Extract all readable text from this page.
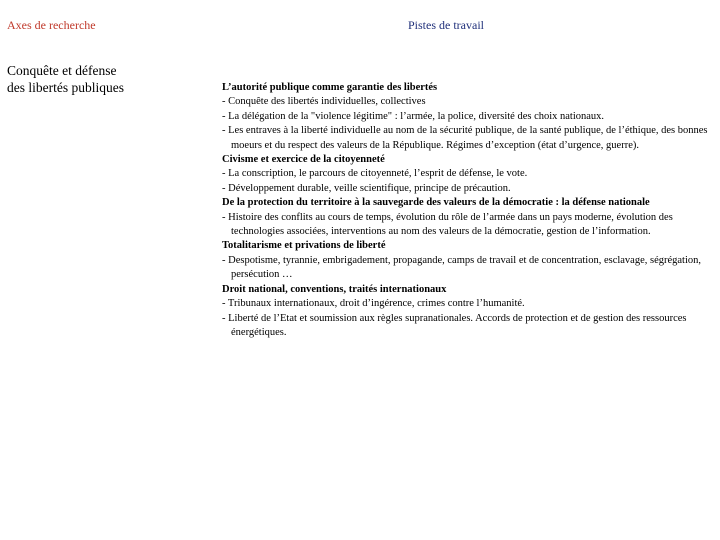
Axes de recherche	Pistes de travail
Conquête et défense
des libertés publiques	L’autorité publique comme garantie des libertés
- Conquête des libertés individuelles, collectives
- La délégation de la "violence légitime" : l’armée, la police, diversité des choix nationaux.
- Les entraves à la liberté individuelle au nom de la sécurité publique, de la santé publique, de l’éthique, des bonnes moeurs et du respect des valeurs de la République. Régimes d’exception (état d’urgence, guerre).
Civisme et exercice de la citoyenneté
- La conscription, le parcours de citoyenneté, l’esprit de défense, le vote.
- Développement durable, veille scientifique, principe de précaution.
De la protection du territoire à la sauvegarde des valeurs de la démocratie : la défense nationale
- Histoire des conflits au cours de temps, évolution du rôle de l’armée dans un pays moderne, évolution des technologies associées, interventions au nom des valeurs de la démocratie, gestion de l’information.
Totalitarisme et privations de liberté
- Despotisme, tyrannie, embrigadement, propagande, camps de travail et de concentration, esclavage, ségrégation, persécution …
Droit national, conventions, traités internationaux
- Tribunaux internationaux, droit d’ingérence, crimes contre l’humanité.
- Liberté de l’Etat et soumission aux règles supranationales. Accords de protection et de gestion des ressources énergétiques.
